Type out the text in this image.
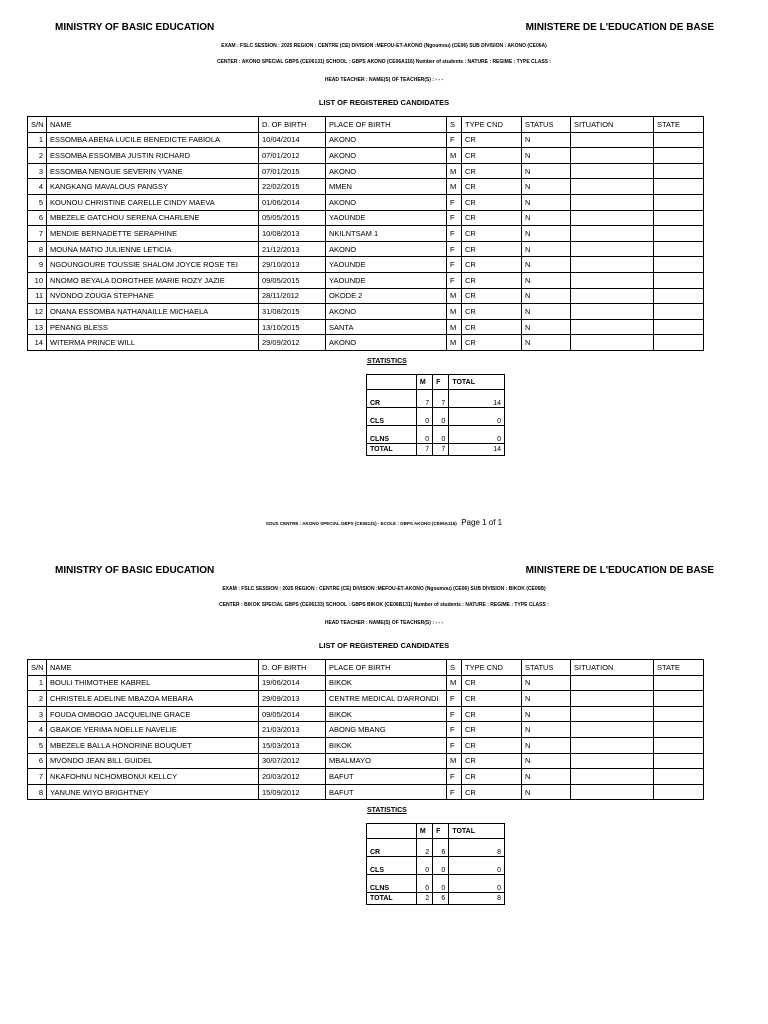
MINISTRY OF BASIC EDUCATION	MINISTERE DE L'EDUCATION DE BASE
EXAM : FSLC SESSION : 2025 REGION : CENTRE (CE) DIVISION :MEFOU-ET-AKONO (Ngoumou) (CE06) SUB DIVISION : AKONO (CE06A)
CENTER : AKONO SPECIAL GBPS (CE06131) SCHOOL : GBPS AKONO (CE06A116) Number of students : NATURE : REGIME : TYPE CLASS :
HEAD TEACHER : NAME(S) OF TEACHER(S) : - - -
LIST OF REGISTERED CANDIDATES
S/N	NAME	D. OF BIRTH	PLACE OF BIRTH	S	TYPE CND	STATUS	SITUATION	STATE
1	ESSOMBA ABENA LUCILE BENEDICTE FABIOLA	10/04/2014	AKONO	F	CR	N		
2	ESSOMBA ESSOMBA JUSTIN RICHARD	07/01/2012	AKONO	M	CR	N		
3	ESSOMBA NENGUE SEVERIN YVANE	07/01/2015	AKONO	M	CR	N		
4	KANGKANG MAVALOUS PANGSY	22/02/2015	MMEN	M	CR	N		
5	KOUNOU CHRISTINE CARELLE CINDY MAEVA	01/06/2014	AKONO	F	CR	N		
6	MBEZELE GATCHOU SERENA CHARLENE	05/05/2015	YAOUNDE	F	CR	N		
7	MENDIE BERNADETTE SERAPHINE	10/08/2013	NKILNTSAM 1	F	CR	N		
8	MOUNA MATIO JULIENNE LETICIA	21/12/2013	AKONO	F	CR	N		
9	NGOUNGOURE TOUSSIE SHALOM JOYCE ROSE TEI	29/10/2013	YAOUNDE	F	CR	N		
10	NNOMO BEYALA DOROTHEE MARIE ROZY JAZIE	09/05/2015	YAOUNDE	F	CR	N		
11	NVONDO ZOUGA STEPHANE	28/11/2012	OKODE 2	M	CR	N		
12	ONANA ESSOMBA NATHANAILLE MICHAELA	31/08/2015	AKONO	M	CR	N		
13	PENANG BLESS	13/10/2015	SANTA	M	CR	N		
14	WITERMA PRINCE WILL	29/09/2012	AKONO	M	CR	N		
STATISTICS
	M	F	TOTAL
CR	7	7	14
CLS	0	0	0
CLNS	0	0	0
TOTAL	7	7	14
SOUS CENTRE : AKONO SPECIAL GBPS (CE06131) - ECOLE : GBPS AKONO (CE06A116) Page 1 of 1
MINISTRY OF BASIC EDUCATION	MINISTERE DE L'EDUCATION DE BASE
EXAM : FSLC SESSION : 2025 REGION : CENTRE (CE) DIVISION :MEFOU-ET-AKONO (Ngoumou) (CE06) SUB DIVISION : BIKOK (CE06B)
CENTER : BIKOK SPECIAL GBPS (CE06133) SCHOOL : GBPS BIKOK (CE06B131) Number of students : NATURE : REGIME : TYPE CLASS :
HEAD TEACHER : NAME(S) OF TEACHER(S) : - - -
LIST OF REGISTERED CANDIDATES
S/N	NAME	D. OF BIRTH	PLACE OF BIRTH	S	TYPE CND	STATUS	SITUATION	STATE
1	BOULI THIMOTHEE KABREL	19/06/2014	BIKOK	M	CR	N		
2	CHRISTELE ADELINE MBAZOA MEBARA	29/09/2013	CENTRE MEDICAL D'ARRONDI	F	CR	N		
3	FOUDA OMBOGO JACQUELINE GRACE	09/05/2014	BIKOK	F	CR	N		
4	GBAKOE YERIMA NOELLE NAVELIE	21/03/2013	ABONG MBANG	F	CR	N		
5	MBEZELE BALLA HONORINE BOUQUET	15/03/2013	BIKOK	F	CR	N		
6	MVONDO JEAN BILL GUIDEL	30/07/2012	MBALMAYO	M	CR	N		
7	NKAFOHNU NCHOMBONUI KELLCY	20/03/2012	BAFUT	F	CR	N		
8	YANUNE WIYO BRIGHTNEY	15/09/2012	BAFUT	F	CR	N		
STATISTICS
	M	F	TOTAL
CR	2	6	8
CLS	0	0	0
CLNS	0	0	0
TOTAL	2	6	8
